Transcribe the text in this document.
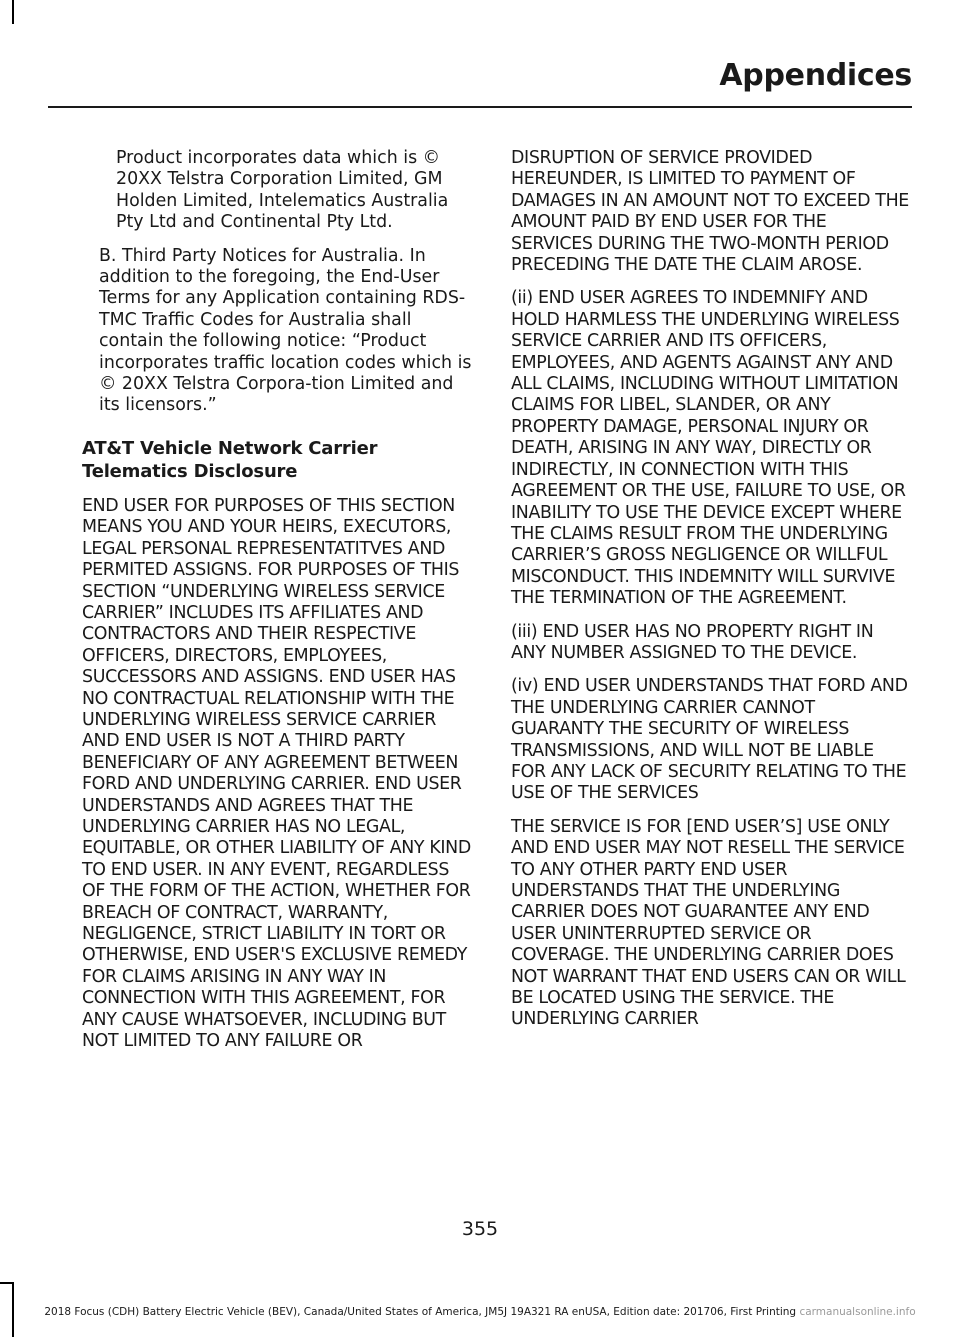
Appendices

Product incorporates data which is © 20XX Telstra Corporation Limited, GM Holden Limited, Intelematics Australia Pty Ltd and Continental Pty Ltd.

B. Third Party Notices for Australia. In addition to the foregoing, the End-User Terms for any Application containing RDS-TMC Traffic Codes for Australia shall contain the following notice: “Product incorporates traffic location codes which is © 20XX Telstra Corpora-tion Limited and its licensors.”

AT&T Vehicle Network Carrier Telematics Disclosure

END USER FOR PURPOSES OF THIS SECTION MEANS YOU AND YOUR HEIRS, EXECUTORS, LEGAL PERSONAL REPRESENTATITVES AND PERMITED ASSIGNS. FOR PURPOSES OF THIS SECTION “UNDERLYING WIRELESS SERVICE CARRIER” INCLUDES ITS AFFILIATES AND CONTRACTORS AND THEIR RESPECTIVE OFFICERS, DIRECTORS, EMPLOYEES, SUCCESSORS AND ASSIGNS. END USER HAS NO CONTRACTUAL RELATIONSHIP WITH THE UNDERLYING WIRELESS SERVICE CARRIER AND END USER IS NOT A THIRD PARTY BENEFICIARY OF ANY AGREEMENT BETWEEN FORD AND UNDERLYING CARRIER. END USER UNDERSTANDS AND AGREES THAT THE UNDERLYING CARRIER HAS NO LEGAL, EQUITABLE, OR OTHER LIABILITY OF ANY KIND TO END USER. IN ANY EVENT, REGARDLESS OF THE FORM OF THE ACTION, WHETHER FOR BREACH OF CONTRACT, WARRANTY, NEGLIGENCE, STRICT LIABILITY IN TORT OR OTHERWISE, END USER'S EXCLUSIVE REMEDY FOR CLAIMS ARISING IN ANY WAY IN CONNECTION WITH THIS AGREEMENT, FOR ANY CAUSE WHATSOEVER, INCLUDING BUT NOT LIMITED TO ANY FAILURE OR

DISRUPTION OF SERVICE PROVIDED HEREUNDER, IS LIMITED TO PAYMENT OF DAMAGES IN AN AMOUNT NOT TO EXCEED THE AMOUNT PAID BY END USER FOR THE SERVICES DURING THE TWO-MONTH PERIOD PRECEDING THE DATE THE CLAIM AROSE.

(ii) END USER AGREES TO INDEMNIFY AND HOLD HARMLESS THE UNDERLYING WIRELESS SERVICE CARRIER AND ITS OFFICERS, EMPLOYEES, AND AGENTS AGAINST ANY AND ALL CLAIMS, INCLUDING WITHOUT LIMITATION CLAIMS FOR LIBEL, SLANDER, OR ANY PROPERTY DAMAGE, PERSONAL INJURY OR DEATH, ARISING IN ANY WAY, DIRECTLY OR INDIRECTLY, IN CONNECTION WITH THIS AGREEMENT OR THE USE, FAILURE TO USE, OR INABILITY TO USE THE DEVICE EXCEPT WHERE THE CLAIMS RESULT FROM THE UNDERLYING CARRIER’S GROSS NEGLIGENCE OR WILLFUL MISCONDUCT. THIS INDEMNITY WILL SURVIVE THE TERMINATION OF THE AGREEMENT.

(iii) END USER HAS NO PROPERTY RIGHT IN ANY NUMBER ASSIGNED TO THE DEVICE.

(iv) END USER UNDERSTANDS THAT FORD AND THE UNDERLYING CARRIER CANNOT GUARANTY THE SECURITY OF WIRELESS TRANSMISSIONS, AND WILL NOT BE LIABLE FOR ANY LACK OF SECURITY RELATING TO THE USE OF THE SERVICES

THE SERVICE IS FOR [END USER’S] USE ONLY AND END USER MAY NOT RESELL THE SERVICE TO ANY OTHER PARTY END USER UNDERSTANDS THAT THE UNDERLYING CARRIER DOES NOT GUARANTEE ANY END USER UNINTERRUPTED SERVICE OR COVERAGE. THE UNDERLYING CARRIER DOES NOT WARRANT THAT END USERS CAN OR WILL BE LOCATED USING THE SERVICE. THE UNDERLYING CARRIER

355
2018 Focus (CDH) Battery Electric Vehicle (BEV), Canada/United States of America, JM5J 19A321 RA enUSA, Edition date: 201706, First Printing carmanualsonline.info
